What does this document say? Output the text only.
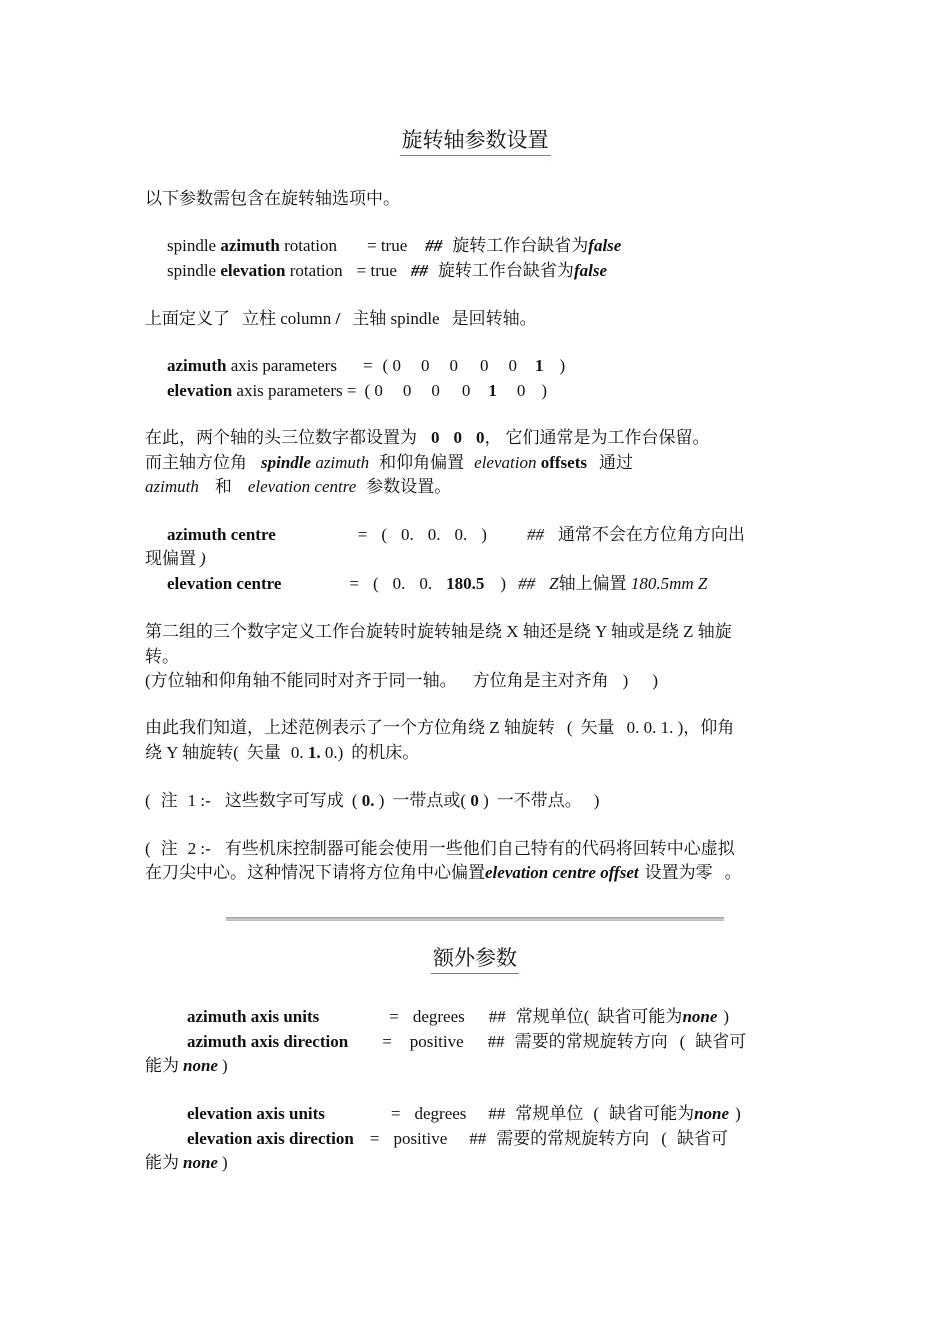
旋转轴参数设置
以下参数需包含在旋转轴选项中。
spindle azimuth rotation = true ## 旋转工作台缺省为false
spindle elevation rotation = true ## 旋转工作台缺省为false
上面定义了 立柱 column / 主轴 spindle 是回转轴。
azimuth axis parameters = ( 0 0 0 0 0 1 )
elevation axis parameters = ( 0 0 0 0 1 0 )
在此，两个轴的头三位数字都设置为 0 0 0， 它们通常是为工作台保留。
而主轴方位角 spindle azimuth 和仰角偏置 elevation offsets 通过
azimuth 和 elevation centre 参数设置。
azimuth centre	= ( 0. 0. 0. ) ## 通常不会在方位角方向出
现偏置 )
elevation centre	= ( 0. 0. 180.5 ) ## Z轴上偏置 180.5mm Z
第二组的三个数字定义工作台旋转时旋转轴是绕 X 轴还是绕 Y 轴或是绕 Z 轴旋
转。
(方位轴和仰角轴不能同时对齐于同一轴。 方位角是主对齐角 ) )
由此我们知道，上述范例表示了一个方位角绕 Z 轴旋转 ( 矢量 0. 0. 1. )，仰角
绕 Y 轴旋转( 矢量 0. 1. 0.) 的机床。
( 注 1 :- 这些数字可写成 ( 0. ) 一带点或( 0 ) 一不带点。 )
( 注 2 :- 有些机床控制器可能会使用一些他们自己特有的代码将回转中心虚拟
在刀尖中心。这种情况下请将方位角中心偏置elevation centre offset 设置为零 。
额外参数
azimuth axis units	= degrees ## 常规单位( 缺省可能为none )
azimuth axis direction = positive ## 需要的常规旋转方向 ( 缺省可
能为 none )
elevation axis units	= degrees ## 常规单位 ( 缺省可能为none )
elevation axis direction = positive ## 需要的常规旋转方向 ( 缺省可
能为 none )
